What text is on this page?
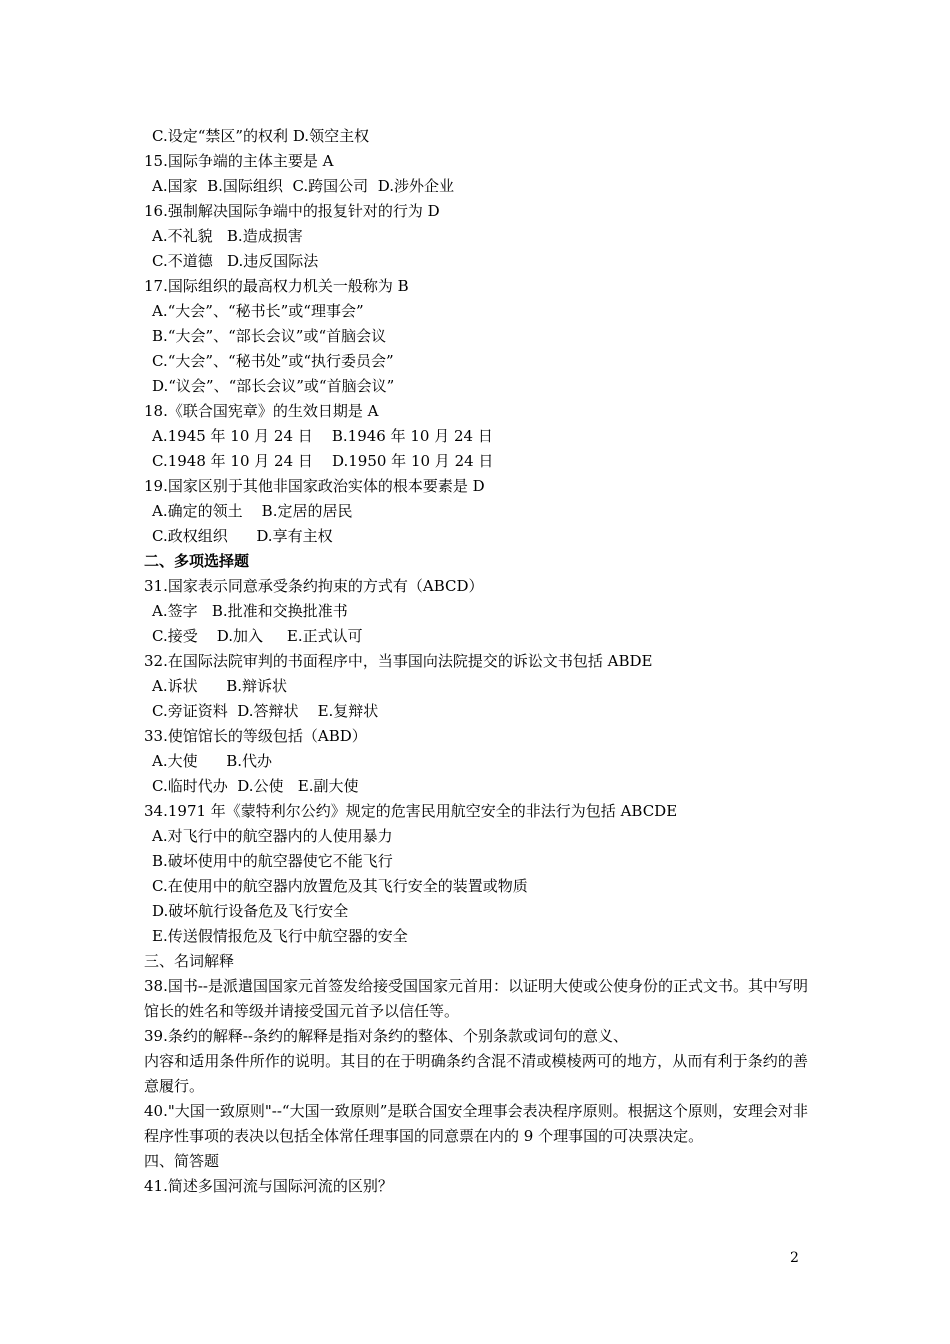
C.设定“禁区”的权利 D.领空主权
15.国际争端的主体主要是 A
A.国家  B.国际组织  C.跨国公司  D.涉外企业
16.强制解决国际争端中的报复针对的行为 D
A.不礼貌   B.造成损害
C.不道德   D.违反国际法
17.国际组织的最高权力机关一般称为 B
A.“大会”、“秘书长”或“理事会”
B.“大会”、“部长会议”或“首脑会议
C.“大会”、“秘书处”或“执行委员会”
D.“议会”、“部长会议”或“首脑会议”
18.《联合国宪章》的生效日期是 A
A.1945 年 10 月 24 日    B.1946 年 10 月 24 日
C.1948 年 10 月 24 日    D.1950 年 10 月 24 日
19.国家区别于其他非国家政治实体的根本要素是 D
A.确定的领土    B.定居的居民
C.政权组织      D.享有主权
二、多项选择题
31.国家表示同意承受条约拘束的方式有（ABCD）
A.签字   B.批准和交换批准书
C.接受    D.加入     E.正式认可
32.在国际法院审判的书面程序中，当事国向法院提交的诉讼文书包括 ABDE
A.诉状      B.辩诉状
C.旁证资料  D.答辩状    E.复辩状
33.使馆馆长的等级包括（ABD）
A.大使      B.代办
C.临时代办  D.公使   E.副大使
34.1971 年《蒙特利尔公约》规定的危害民用航空安全的非法行为包括 ABCDE
A.对飞行中的航空器内的人使用暴力
B.破坏使用中的航空器使它不能飞行
C.在使用中的航空器内放置危及其飞行安全的装置或物质
D.破坏航行设备危及飞行安全
E.传送假情报危及飞行中航空器的安全
三、名词解释
38.国书--是派遣国国家元首签发给接受国国家元首用：以证明大使或公使身份的正式文书。其中写明馆长的姓名和等级并请接受国元首予以信任等。
39.条约的解释--条约的解释是指对条约的整体、个别条款或词句的意义、
内容和适用条件所作的说明。其目的在于明确条约含混不清或模棱两可的地方，从而有利于条约的善意履行。
40."大国一致原则"--“大国一致原则”是联合国安全理事会表决程序原则。根据这个原则，安理会对非程序性事项的表决以包括全体常任理事国的同意票在内的 9 个理事国的可决票决定。
四、简答题
41.简述多国河流与国际河流的区别？
2
